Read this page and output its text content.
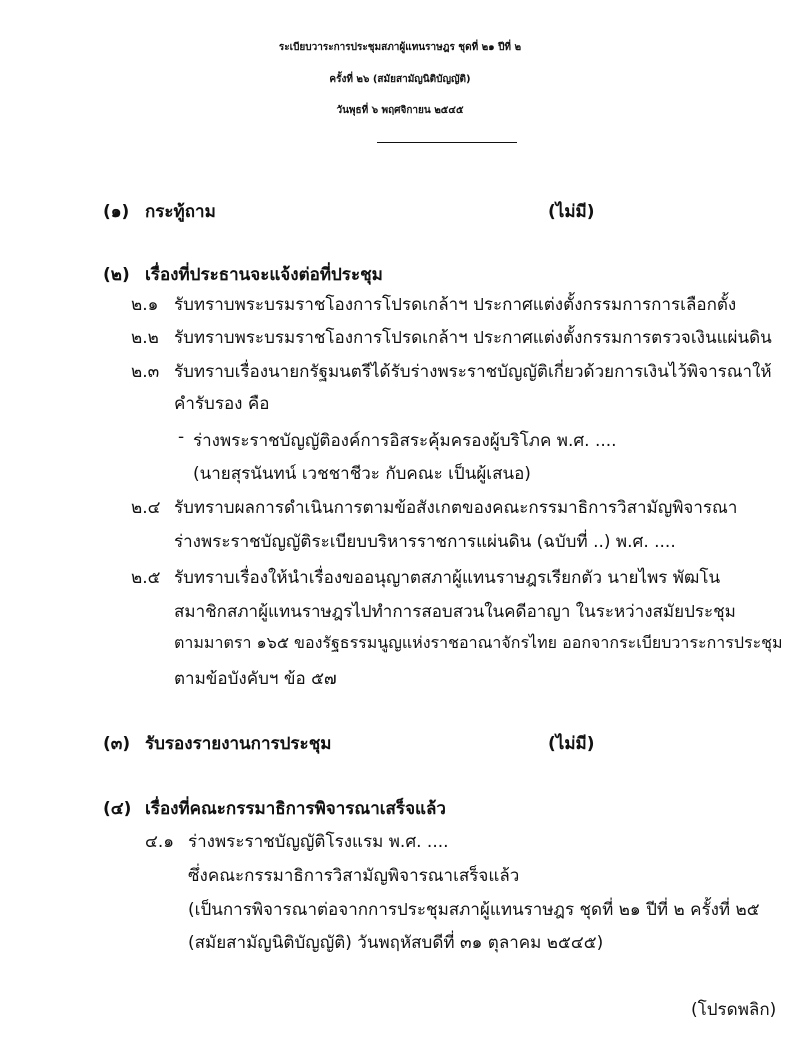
ระเบียบวาระการประชุมสภาผู้แทนราษฎร ชุดที่ ๒๑ ปีที่ ๒
ครั้งที่ ๒๖ (สมัยสามัญนิติบัญญัติ)
วันพุธที่ ๖ พฤศจิกายน ๒๕๔๕
(๑) กระทู้ถาม	(ไม่มี)
(๒) เรื่องที่ประธานจะแจ้งต่อที่ประชุม
๒.๑ รับทราบพระบรมราชโองการโปรดเกล้าฯ ประกาศแต่งตั้งกรรมการการเลือกตั้ง
๒.๒ รับทราบพระบรมราชโองการโปรดเกล้าฯ ประกาศแต่งตั้งกรรมการตรวจเงินแผ่นดิน
๒.๓ รับทราบเรื่องนายกรัฐมนตรีได้รับร่างพระราชบัญญัติเกี่ยวด้วยการเงินไว้พิจารณาให้
คำรับรอง คือ
- ร่างพระราชบัญญัติองค์การอิสระคุ้มครองผู้บริโภค พ.ศ. ....
(นายสุรนันทน์ เวชชาชีวะ กับคณะ เป็นผู้เสนอ)
๒.๔ รับทราบผลการดำเนินการตามข้อสังเกตของคณะกรรมาธิการวิสามัญพิจารณา
ร่างพระราชบัญญัติระเบียบบริหารราชการแผ่นดิน (ฉบับที่ ..) พ.ศ. ....
๒.๕ รับทราบเรื่องให้นำเรื่องขออนุญาตสภาผู้แทนราษฎรเรียกตัว นายไพร พัฒโน
สมาชิกสภาผู้แทนราษฎรไปทำการสอบสวนในคดีอาญา ในระหว่างสมัยประชุม
ตามมาตรา ๑๖๕ ของรัฐธรรมนูญแห่งราชอาณาจักรไทย ออกจากระเบียบวาระการประชุม
ตามข้อบังคับฯ ข้อ ๕๗
(๓) รับรองรายงานการประชุม	(ไม่มี)
(๔) เรื่องที่คณะกรรมาธิการพิจารณาเสร็จแล้ว
๔.๑ ร่างพระราชบัญญัติโรงแรม พ.ศ. ....
ซึ่งคณะกรรมาธิการวิสามัญพิจารณาเสร็จแล้ว
(เป็นการพิจารณาต่อจากการประชุมสภาผู้แทนราษฎร ชุดที่ ๒๑ ปีที่ ๒ ครั้งที่ ๒๕
(สมัยสามัญนิติบัญญัติ) วันพฤหัสบดีที่ ๓๑ ตุลาคม ๒๕๔๕)
(โปรดพลิก)
